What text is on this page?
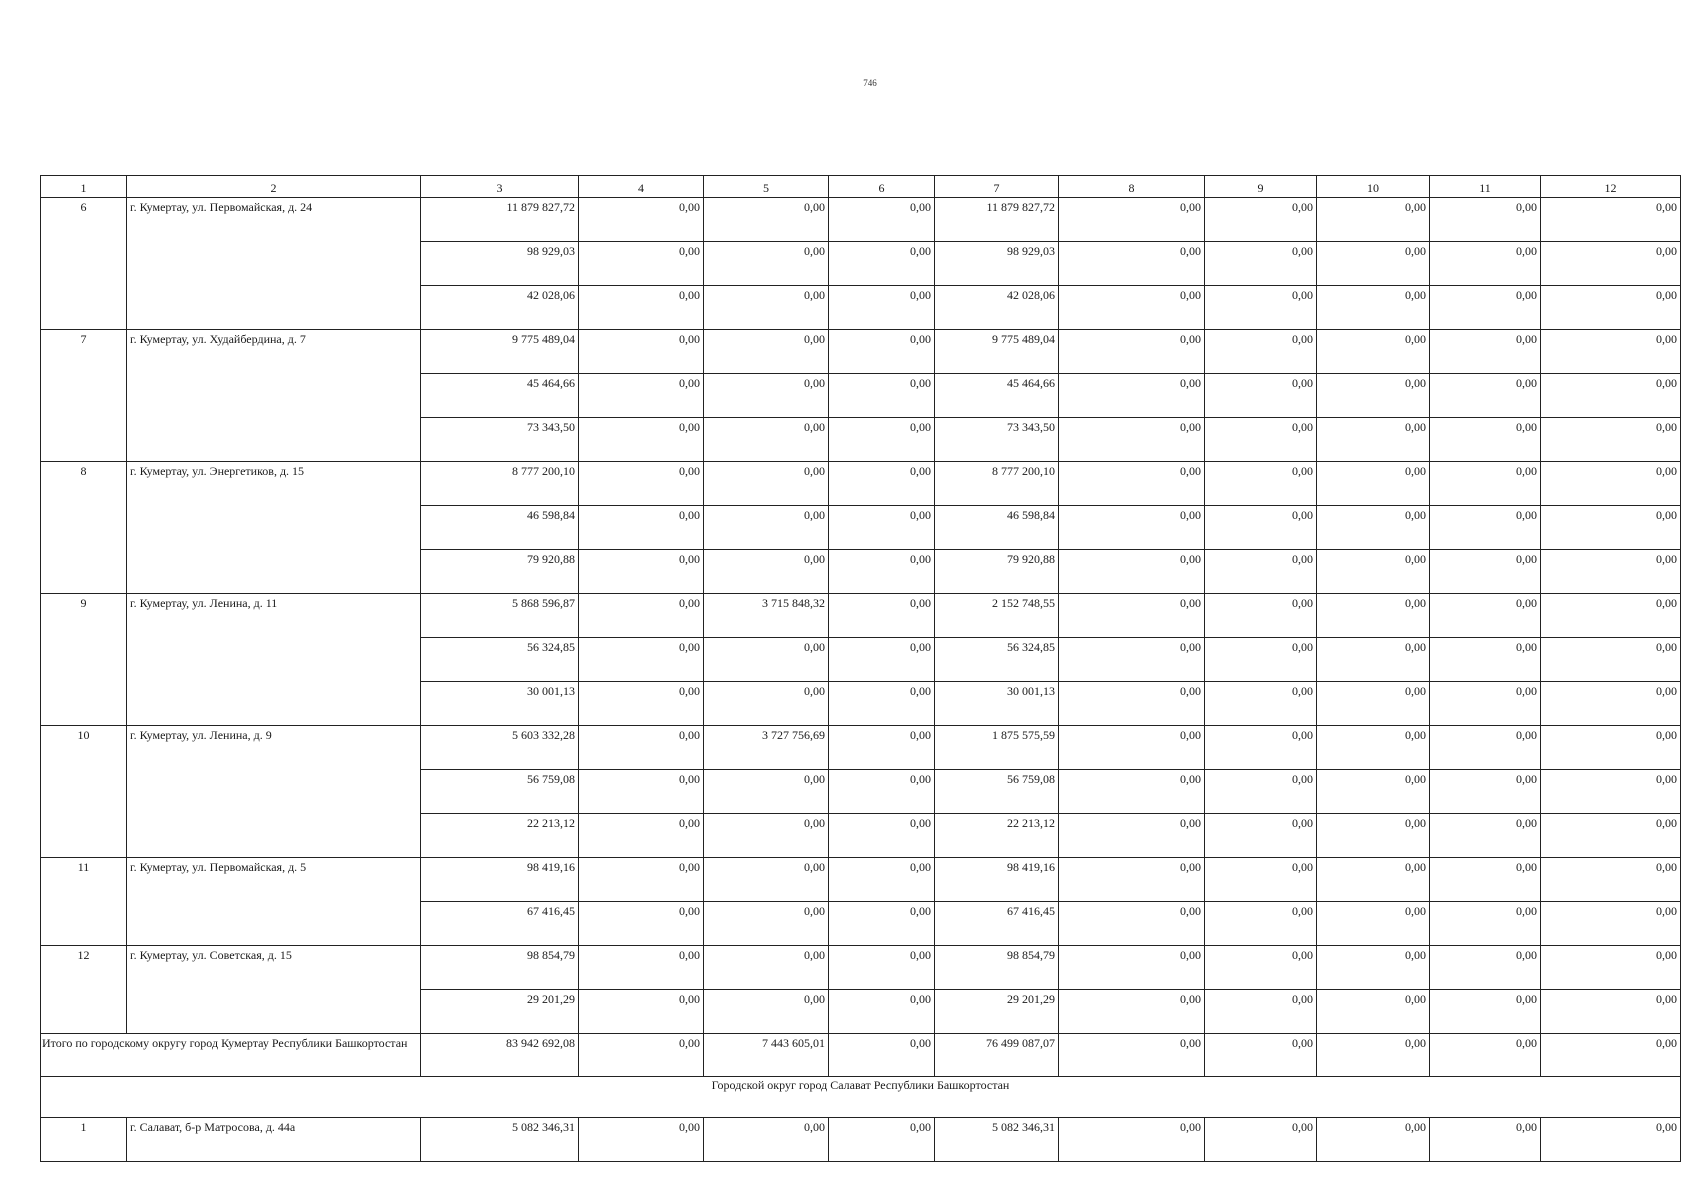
746
1	2	3	4	5	6	7	8	9	10	11	12
6	г. Кумертау, ул. Первомайская, д. 24	11 879 827,72	0,00	0,00	0,00	11 879 827,72	0,00	0,00	0,00	0,00	0,00
		98 929,03	0,00	0,00	0,00	98 929,03	0,00	0,00	0,00	0,00	0,00
		42 028,06	0,00	0,00	0,00	42 028,06	0,00	0,00	0,00	0,00	0,00
7	г. Кумертау, ул. Худайбердина, д. 7	9 775 489,04	0,00	0,00	0,00	9 775 489,04	0,00	0,00	0,00	0,00	0,00
		45 464,66	0,00	0,00	0,00	45 464,66	0,00	0,00	0,00	0,00	0,00
		73 343,50	0,00	0,00	0,00	73 343,50	0,00	0,00	0,00	0,00	0,00
8	г. Кумертау, ул. Энергетиков, д. 15	8 777 200,10	0,00	0,00	0,00	8 777 200,10	0,00	0,00	0,00	0,00	0,00
		46 598,84	0,00	0,00	0,00	46 598,84	0,00	0,00	0,00	0,00	0,00
		79 920,88	0,00	0,00	0,00	79 920,88	0,00	0,00	0,00	0,00	0,00
9	г. Кумертау, ул. Ленина, д. 11	5 868 596,87	0,00	3 715 848,32	0,00	2 152 748,55	0,00	0,00	0,00	0,00	0,00
		56 324,85	0,00	0,00	0,00	56 324,85	0,00	0,00	0,00	0,00	0,00
		30 001,13	0,00	0,00	0,00	30 001,13	0,00	0,00	0,00	0,00	0,00
10	г. Кумертау, ул. Ленина, д. 9	5 603 332,28	0,00	3 727 756,69	0,00	1 875 575,59	0,00	0,00	0,00	0,00	0,00
		56 759,08	0,00	0,00	0,00	56 759,08	0,00	0,00	0,00	0,00	0,00
		22 213,12	0,00	0,00	0,00	22 213,12	0,00	0,00	0,00	0,00	0,00
11	г. Кумертау, ул. Первомайская, д. 5	98 419,16	0,00	0,00	0,00	98 419,16	0,00	0,00	0,00	0,00	0,00
		67 416,45	0,00	0,00	0,00	67 416,45	0,00	0,00	0,00	0,00	0,00
12	г. Кумертау, ул. Советская, д. 15	98 854,79	0,00	0,00	0,00	98 854,79	0,00	0,00	0,00	0,00	0,00
		29 201,29	0,00	0,00	0,00	29 201,29	0,00	0,00	0,00	0,00	0,00
Итого по городскому округу город Кумертау Республики Башкортостан		83 942 692,08	0,00	7 443 605,01	0,00	76 499 087,07	0,00	0,00	0,00	0,00	0,00
Городской округ город Салават Республики Башкортостан											
1	г. Салават, б-р Матросова, д. 44а	5 082 346,31	0,00	0,00	0,00	5 082 346,31	0,00	0,00	0,00	0,00	0,00
